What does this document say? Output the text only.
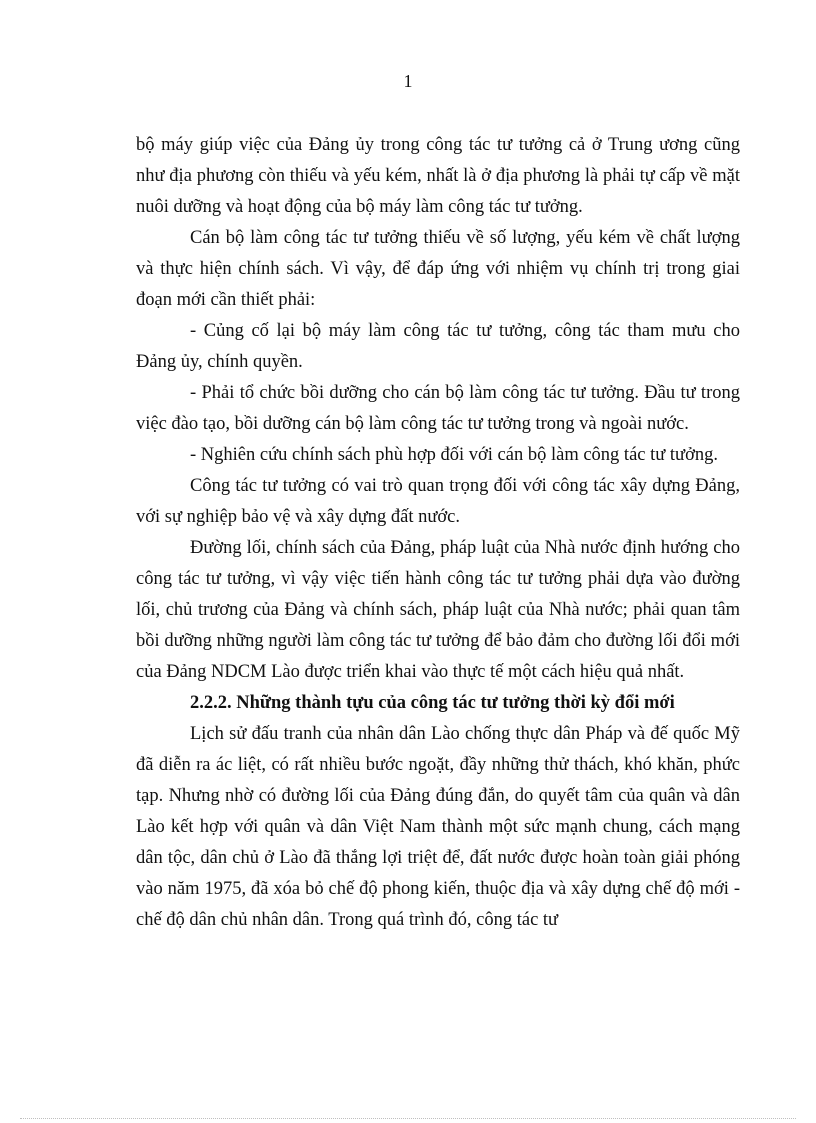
1

bộ máy giúp việc của Đảng ủy trong công tác tư tưởng cả ở Trung ương cũng như địa phương còn thiếu và yếu kém, nhất là ở địa phương là phải tự cấp về mặt nuôi dưỡng và hoạt động của bộ máy làm công tác tư tưởng.

Cán bộ làm công tác tư tưởng thiếu về số lượng, yếu kém về chất lượng và thực hiện chính sách. Vì vậy, để đáp ứng với nhiệm vụ chính trị trong giai đoạn mới cần thiết phải:

- Củng cố lại bộ máy làm công tác tư tưởng, công tác tham mưu cho Đảng ủy, chính quyền.

- Phải tổ chức bồi dưỡng cho cán bộ làm công tác tư tưởng. Đầu tư trong việc đào tạo, bồi dưỡng cán bộ làm công tác tư tưởng trong và ngoài nước.

- Nghiên cứu chính sách phù hợp đối với cán bộ làm công tác tư tưởng.

Công tác tư tưởng có vai trò quan trọng đối với công tác xây dựng Đảng, với sự nghiệp bảo vệ và xây dựng đất nước.

Đường lối, chính sách của Đảng, pháp luật của Nhà nước định hướng cho công tác tư tưởng, vì vậy việc tiến hành công tác tư tưởng phải dựa vào đường lối, chủ trương của Đảng và chính sách, pháp luật của Nhà nước; phải quan tâm bồi dưỡng những người làm công tác tư tưởng để bảo đảm cho đường lối đổi mới của Đảng NDCM Lào được triển khai vào thực tế một cách hiệu quả nhất.

2.2.2. Những thành tựu của công tác tư tưởng thời kỳ đổi mới

Lịch sử đấu tranh của nhân dân Lào chống thực dân Pháp và đế quốc Mỹ đã diễn ra ác liệt, có rất nhiều bước ngoặt, đầy những thử thách, khó khăn, phức tạp. Nhưng nhờ có đường lối của Đảng đúng đắn, do quyết tâm của quân và dân Lào kết hợp với quân và dân Việt Nam thành một sức mạnh chung, cách mạng dân tộc, dân chủ ở Lào đã thắng lợi triệt để, đất nước được hoàn toàn giải phóng vào năm 1975, đã xóa bỏ chế độ phong kiến, thuộc địa và xây dựng chế độ mới - chế độ dân chủ nhân dân. Trong quá trình đó, công tác tư
